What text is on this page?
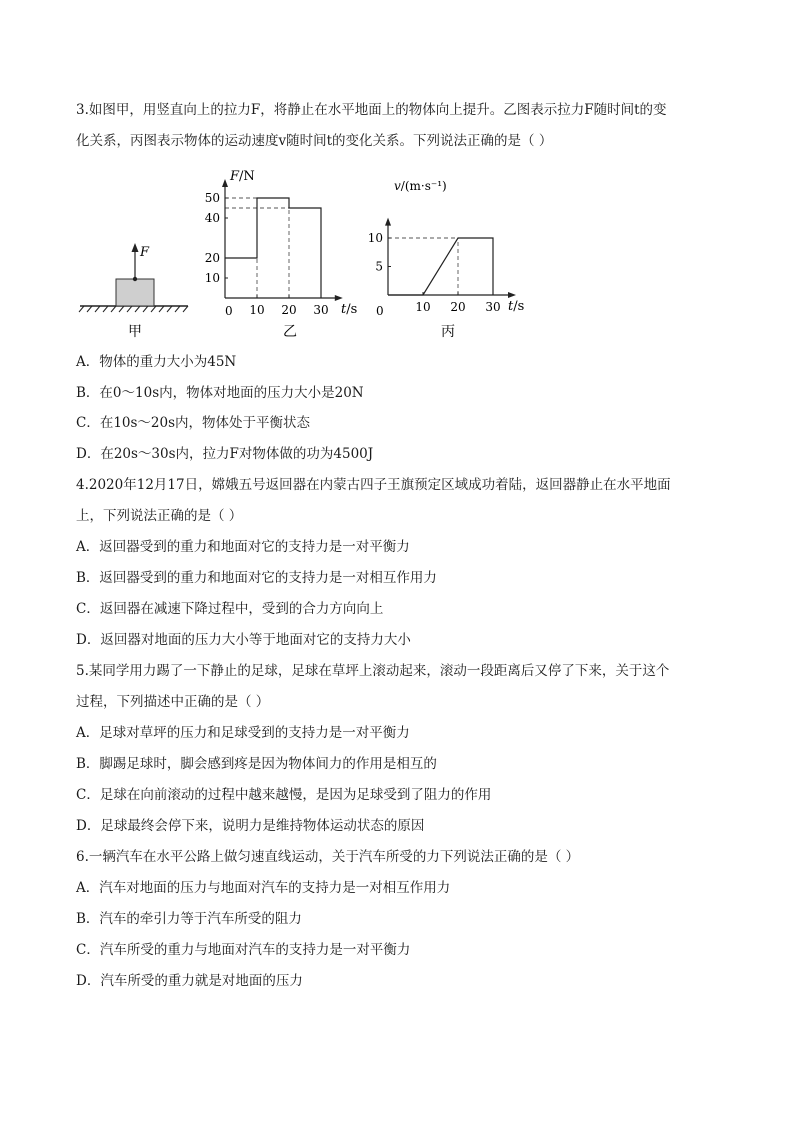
3.如图甲，用竖直向上的拉力F，将静止在水平地面上的物体向上提升。乙图表示拉力F随时间t的变
化关系，丙图表示物体的运动速度v随时间t的变化关系。下列说法正确的是（ ）
F
甲
F/N
t/s
0
乙
10 20 30
10
20
40
50
v/(m·s⁻¹)
t/s
0
丙
10 20 30
5
10
A．物体的重力大小为45N
B．在0～10s内，物体对地面的压力大小是20N
C．在10s～20s内，物体处于平衡状态
D．在20s～30s内，拉力F对物体做的功为4500J
4.2020年12月17日，嫦娥五号返回器在内蒙古四子王旗预定区域成功着陆，返回器静止在水平地面
上，下列说法正确的是（ ）
A．返回器受到的重力和地面对它的支持力是一对平衡力
B．返回器受到的重力和地面对它的支持力是一对相互作用力
C．返回器在减速下降过程中，受到的合力方向向上
D．返回器对地面的压力大小等于地面对它的支持力大小
5.某同学用力踢了一下静止的足球，足球在草坪上滚动起来，滚动一段距离后又停了下来，关于这个
过程，下列描述中正确的是（ ）
A．足球对草坪的压力和足球受到的支持力是一对平衡力
B．脚踢足球时，脚会感到疼是因为物体间力的作用是相互的
C．足球在向前滚动的过程中越来越慢，是因为足球受到了阻力的作用
D．足球最终会停下来，说明力是维持物体运动状态的原因
6.一辆汽车在水平公路上做匀速直线运动，关于汽车所受的力下列说法正确的是（ ）
A．汽车对地面的压力与地面对汽车的支持力是一对相互作用力
B．汽车的牵引力等于汽车所受的阻力
C．汽车所受的重力与地面对汽车的支持力是一对平衡力
D．汽车所受的重力就是对地面的压力
